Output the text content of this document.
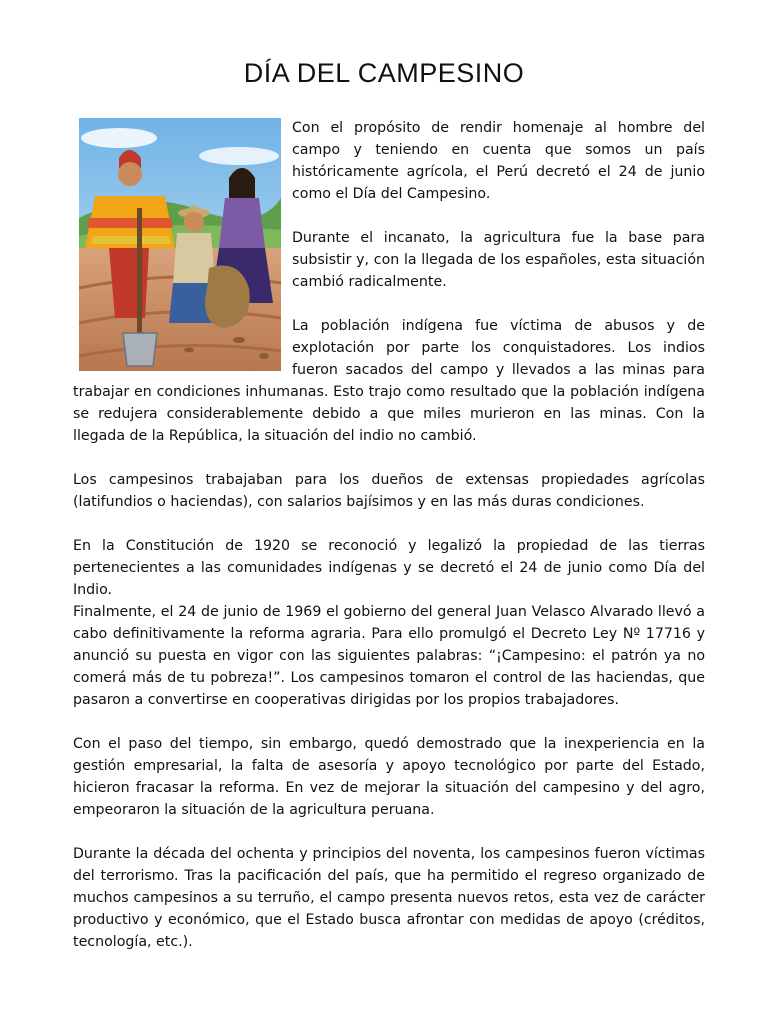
DÍA DEL CAMPESINO

Con el propósito de rendir homenaje al hombre del campo y teniendo en cuenta que somos un país históricamente agrícola, el Perú decretó el 24 de junio como el Día del Campesino.

Durante el incanato, la agricultura fue la base para subsistir y, con la llegada de los españoles, esta situación cambió radicalmente.

La población indígena fue víctima de abusos y de explotación por parte los conquistadores. Los indios fueron sacados del campo y llevados a las minas para trabajar en condiciones inhumanas. Esto trajo como resultado que la población indígena se redujera considerablemente debido a que miles murieron en las minas. Con la llegada de la República, la situación del indio no cambió.

Los campesinos trabajaban para los dueños de extensas propiedades agrícolas (latifundios o haciendas), con salarios bajísimos y en las más duras condiciones.

En la Constitución de 1920 se reconoció y legalizó la propiedad de las tierras pertenecientes a las comunidades indígenas y se decretó el 24 de junio como Día del Indio.

Finalmente, el 24 de junio de 1969 el gobierno del general Juan Velasco Alvarado llevó a cabo definitivamente la reforma agraria. Para ello promulgó el Decreto Ley Nº 17716 y anunció su puesta en vigor con las siguientes palabras: “¡Campesino: el patrón ya no comerá más de tu pobreza!”. Los campesinos tomaron el control de las haciendas, que pasaron a convertirse en cooperativas dirigidas por los propios trabajadores.

Con el paso del tiempo, sin embargo, quedó demostrado que la inexperiencia en la gestión empresarial, la falta de asesoría y apoyo tecnológico por parte del Estado, hicieron fracasar la reforma. En vez de mejorar la situación del campesino y del agro, empeoraron la situación de la agricultura peruana.

Durante la década del ochenta y principios del noventa, los campesinos fueron víctimas del terrorismo. Tras la pacificación del país, que ha permitido el regreso organizado de muchos campesinos a su terruño, el campo presenta nuevos retos, esta vez de carácter productivo y económico, que el Estado busca afrontar con medidas de apoyo (créditos, tecnología, etc.).
